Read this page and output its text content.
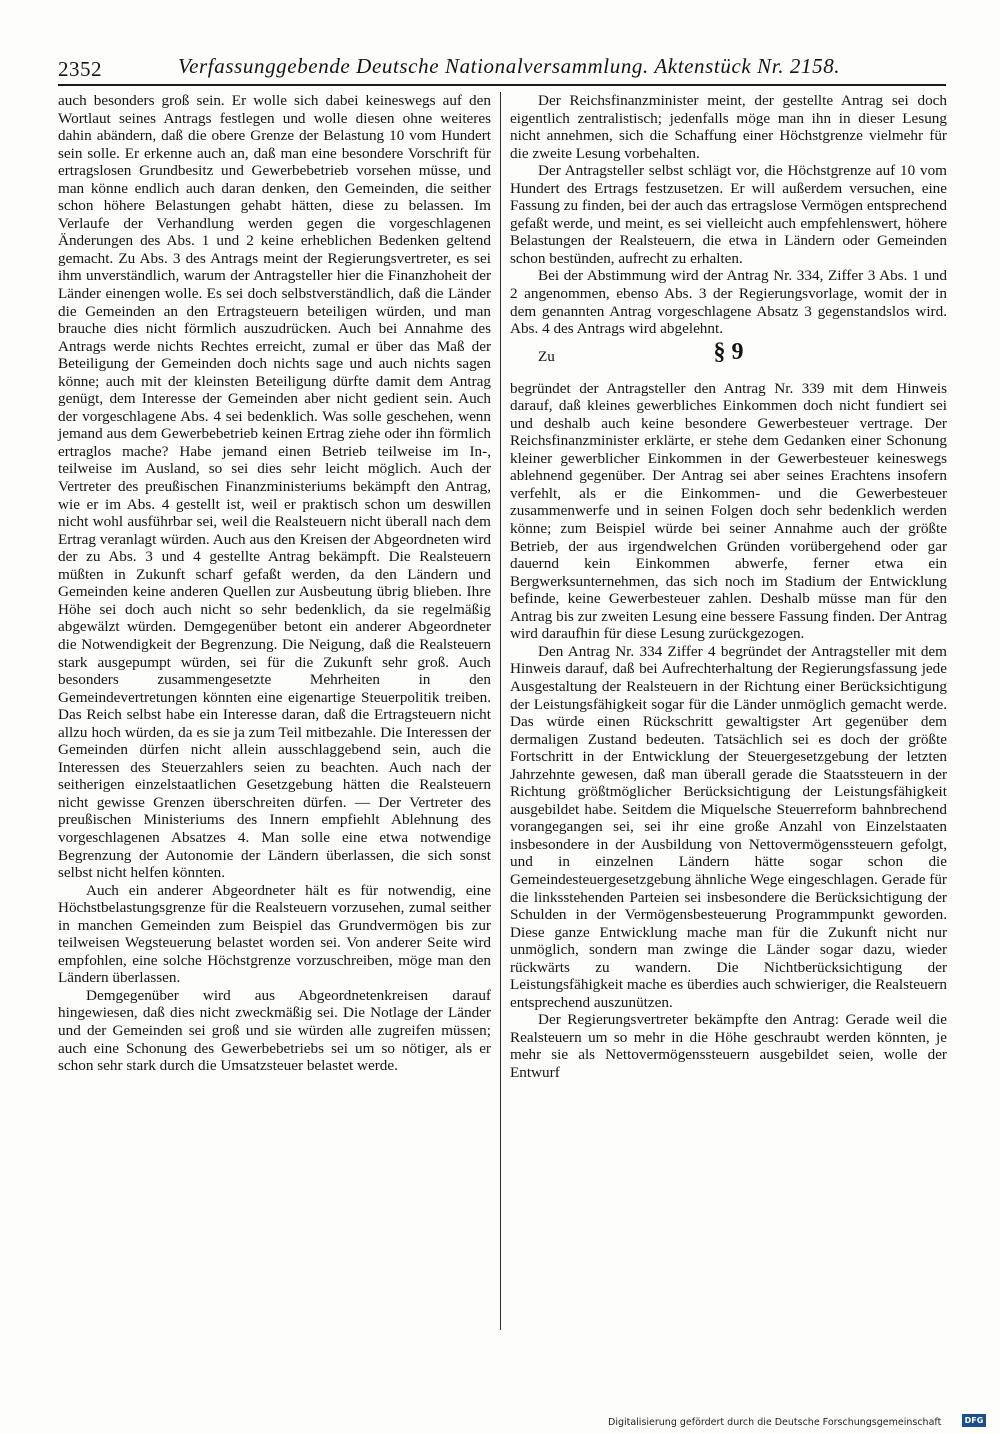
2352	Verfassunggebende Deutsche Nationalversammlung. Aktenstück Nr. 2158.

auch besonders groß sein. Er wolle sich dabei keineswegs auf den Wortlaut seines Antrags festlegen und wolle diesen ohne weiteres dahin abändern, daß die obere Grenze der Belastung 10 vom Hundert sein solle. Er erkenne auch an, daß man eine besondere Vorschrift für ertragslosen Grundbesitz und Gewerbebetrieb vorsehen müsse, und man könne endlich auch daran denken, den Gemeinden, die seither schon höhere Belastungen gehabt hätten, diese zu belassen. Im Verlaufe der Verhandlung werden gegen die vorgeschlagenen Änderungen des Abs. 1 und 2 keine erheblichen Bedenken geltend gemacht. Zu Abs. 3 des Antrags meint der Regierungsvertreter, es sei ihm unverständlich, warum der Antragsteller hier die Finanzhoheit der Länder einengen wolle. Es sei doch selbstverständlich, daß die Länder die Gemeinden an den Ertragsteuern beteiligen würden, und man brauche dies nicht förmlich auszudrücken. Auch bei Annahme des Antrags werde nichts Rechtes erreicht, zumal er über das Maß der Beteiligung der Gemeinden doch nichts sage und auch nichts sagen könne; auch mit der kleinsten Beteiligung dürfte damit dem Antrag genügt, dem Interesse der Gemeinden aber nicht gedient sein. Auch der vorgeschlagene Abs. 4 sei bedenklich. Was solle geschehen, wenn jemand aus dem Gewerbebetrieb keinen Ertrag ziehe oder ihn förmlich ertraglos mache? Habe jemand einen Betrieb teilweise im In-, teilweise im Ausland, so sei dies sehr leicht möglich. Auch der Vertreter des preußischen Finanzministeriums bekämpft den Antrag, wie er im Abs. 4 gestellt ist, weil er praktisch schon um deswillen nicht wohl ausführbar sei, weil die Realsteuern nicht überall nach dem Ertrag veranlagt würden. Auch aus den Kreisen der Abgeordneten wird der zu Abs. 3 und 4 gestellte Antrag bekämpft. Die Realsteuern müßten in Zukunft scharf gefaßt werden, da den Ländern und Gemeinden keine anderen Quellen zur Ausbeutung übrig blieben. Ihre Höhe sei doch auch nicht so sehr bedenklich, da sie regelmäßig abgewälzt würden. Demgegenüber betont ein anderer Abgeordneter die Notwendigkeit der Begrenzung. Die Neigung, daß die Realsteuern stark ausgepumpt würden, sei für die Zukunft sehr groß. Auch besonders zusammengesetzte Mehrheiten in den Gemeindevertretungen könnten eine eigenartige Steuerpolitik treiben. Das Reich selbst habe ein Interesse daran, daß die Ertragsteuern nicht allzu hoch würden, da es sie ja zum Teil mitbezahle. Die Interessen der Gemeinden dürfen nicht allein ausschlaggebend sein, auch die Interessen des Steuerzahlers seien zu beachten. Auch nach der seitherigen einzelstaatlichen Gesetzgebung hätten die Realsteuern nicht gewisse Grenzen überschreiten dürfen. — Der Vertreter des preußischen Ministeriums des Innern empfiehlt Ablehnung des vorgeschlagenen Absatzes 4. Man solle eine etwa notwendige Begrenzung der Autonomie der Ländern überlassen, die sich sonst selbst nicht helfen könnten.

Auch ein anderer Abgeordneter hält es für notwendig, eine Höchstbelastungsgrenze für die Realsteuern vorzusehen, zumal seither in manchen Gemeinden zum Beispiel das Grundvermögen bis zur teilweisen Wegsteuerung belastet worden sei. Von anderer Seite wird empfohlen, eine solche Höchstgrenze vorzuschreiben, möge man den Ländern überlassen.

Demgegenüber wird aus Abgeordnetenkreisen darauf hingewiesen, daß dies nicht zweckmäßig sei. Die Notlage der Länder und der Gemeinden sei groß und sie würden alle zugreifen müssen; auch eine Schonung des Gewerbebetriebs sei um so nötiger, als er schon sehr stark durch die Umsatzsteuer belastet werde.

Der Reichsfinanzminister meint, der gestellte Antrag sei doch eigentlich zentralistisch; jedenfalls möge man ihn in dieser Lesung nicht annehmen, sich die Schaffung einer Höchstgrenze vielmehr für die zweite Lesung vorbehalten.

Der Antragsteller selbst schlägt vor, die Höchstgrenze auf 10 vom Hundert des Ertrags festzusetzen. Er will außerdem versuchen, eine Fassung zu finden, bei der auch das ertragslose Vermögen entsprechend gefaßt werde, und meint, es sei vielleicht auch empfehlenswert, höhere Belastungen der Realsteuern, die etwa in Ländern oder Gemeinden schon bestünden, aufrecht zu erhalten.

Bei der Abstimmung wird der Antrag Nr. 334, Ziffer 3 Abs. 1 und 2 angenommen, ebenso Abs. 3 der Regierungsvorlage, womit der in dem genannten Antrag vorgeschlagene Absatz 3 gegenstandslos wird. Abs. 4 des Antrags wird abgelehnt.

Zu	§ 9

begründet der Antragsteller den Antrag Nr. 339 mit dem Hinweis darauf, daß kleines gewerbliches Einkommen doch nicht fundiert sei und deshalb auch keine besondere Gewerbesteuer vertrage. Der Reichsfinanzminister erklärte, er stehe dem Gedanken einer Schonung kleiner gewerblicher Einkommen in der Gewerbesteuer keineswegs ablehnend gegenüber. Der Antrag sei aber seines Erachtens insofern verfehlt, als er die Einkommen- und die Gewerbesteuer zusammenwerfe und in seinen Folgen doch sehr bedenklich werden könne; zum Beispiel würde bei seiner Annahme auch der größte Betrieb, der aus irgendwelchen Gründen vorübergehend oder gar dauernd kein Einkommen abwerfe, ferner etwa ein Bergwerksunternehmen, das sich noch im Stadium der Entwicklung befinde, keine Gewerbesteuer zahlen. Deshalb müsse man für den Antrag bis zur zweiten Lesung eine bessere Fassung finden. Der Antrag wird daraufhin für diese Lesung zurückgezogen.

Den Antrag Nr. 334 Ziffer 4 begründet der Antragsteller mit dem Hinweis darauf, daß bei Aufrechterhaltung der Regierungsfassung jede Ausgestaltung der Realsteuern in der Richtung einer Berücksichtigung der Leistungsfähigkeit sogar für die Länder unmöglich gemacht werde. Das würde einen Rückschritt gewaltigster Art gegenüber dem dermaligen Zustand bedeuten. Tatsächlich sei es doch der größte Fortschritt in der Entwicklung der Steuergesetzgebung der letzten Jahrzehnte gewesen, daß man überall gerade die Staatssteuern in der Richtung größtmöglicher Berücksichtigung der Leistungsfähigkeit ausgebildet habe. Seitdem die Miquelsche Steuerreform bahnbrechend vorangegangen sei, sei ihr eine große Anzahl von Einzelstaaten insbesondere in der Ausbildung von Nettovermögenssteuern gefolgt, und in einzelnen Ländern hätte sogar schon die Gemeindesteuergesetzgebung ähnliche Wege eingeschlagen. Gerade für die linksstehenden Parteien sei insbesondere die Berücksichtigung der Schulden in der Vermögensbesteuerung Programmpunkt geworden. Diese ganze Entwicklung mache man für die Zukunft nicht nur unmöglich, sondern man zwinge die Länder sogar dazu, wieder rückwärts zu wandern. Die Nichtberücksichtigung der Leistungsfähigkeit mache es überdies auch schwieriger, die Realsteuern entsprechend auszunützen.

Der Regierungsvertreter bekämpfte den Antrag: Gerade weil die Realsteuern um so mehr in die Höhe geschraubt werden könnten, je mehr sie als Nettovermögenssteuern ausgebildet seien, wolle der Entwurf

Digitalisierung gefördert durch die Deutsche Forschungsgemeinschaft	DFG
